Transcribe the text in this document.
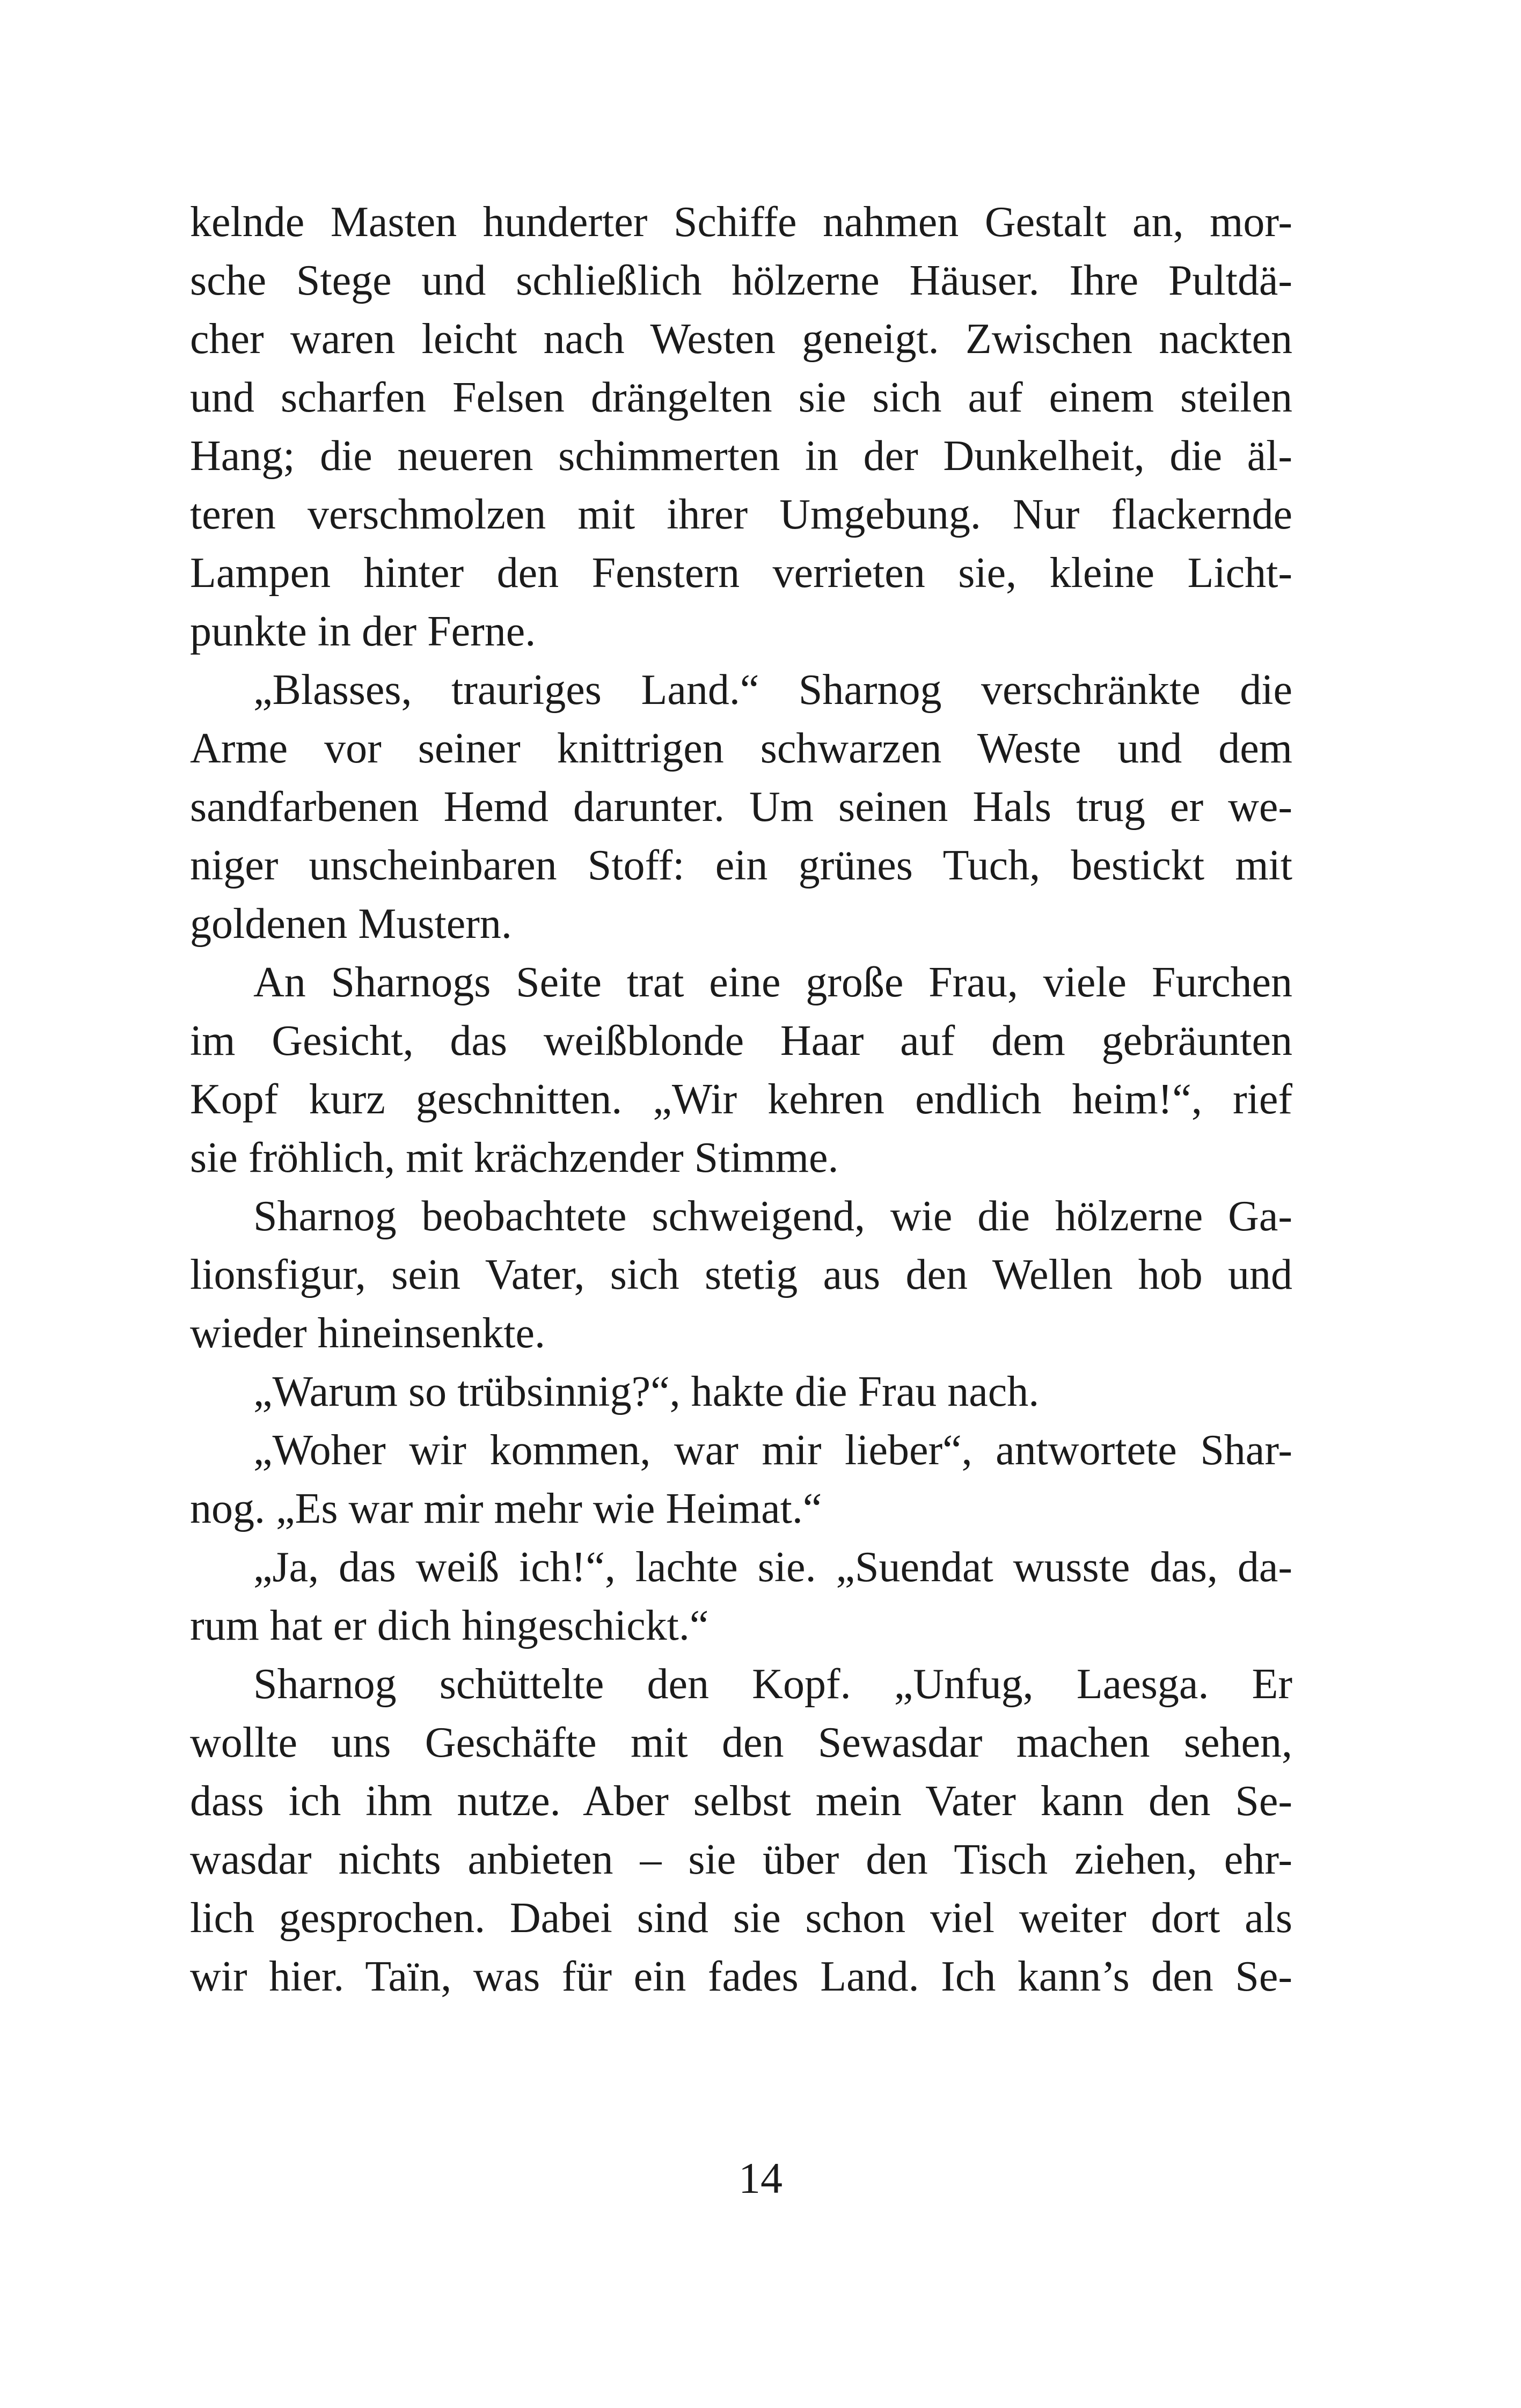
kelnde Masten hunderter Schiffe nahmen Gestalt an, mor-
sche Stege und schließlich hölzerne Häuser. Ihre Pultdä-
cher waren leicht nach Westen geneigt. Zwischen nackten
und scharfen Felsen drängelten sie sich auf einem steilen
Hang; die neueren schimmerten in der Dunkelheit, die äl-
teren verschmolzen mit ihrer Umgebung. Nur flackernde
Lampen hinter den Fenstern verrieten sie, kleine Licht-
punkte in der Ferne.
„Blasses, trauriges Land.“ Sharnog verschränkte die
Arme vor seiner knittrigen schwarzen Weste und dem
sandfarbenen Hemd darunter. Um seinen Hals trug er we-
niger unscheinbaren Stoff: ein grünes Tuch, bestickt mit
goldenen Mustern.
An Sharnogs Seite trat eine große Frau, viele Furchen
im Gesicht, das weißblonde Haar auf dem gebräunten
Kopf kurz geschnitten. „Wir kehren endlich heim!“, rief
sie fröhlich, mit krächzender Stimme.
Sharnog beobachtete schweigend, wie die hölzerne Ga-
lionsfigur, sein Vater, sich stetig aus den Wellen hob und
wieder hineinsenkte.
„Warum so trübsinnig?“, hakte die Frau nach.
„Woher wir kommen, war mir lieber“, antwortete Shar-
nog. „Es war mir mehr wie Heimat.“
„Ja, das weiß ich!“, lachte sie. „Suendat wusste das, da-
rum hat er dich hingeschickt.“
Sharnog schüttelte den Kopf. „Unfug, Laesga. Er
wollte uns Geschäfte mit den Sewasdar machen sehen,
dass ich ihm nutze. Aber selbst mein Vater kann den Se-
wasdar nichts anbieten – sie über den Tisch ziehen, ehr-
lich gesprochen. Dabei sind sie schon viel weiter dort als
wir hier. Taïn, was für ein fades Land. Ich kann’s den Se-
14
